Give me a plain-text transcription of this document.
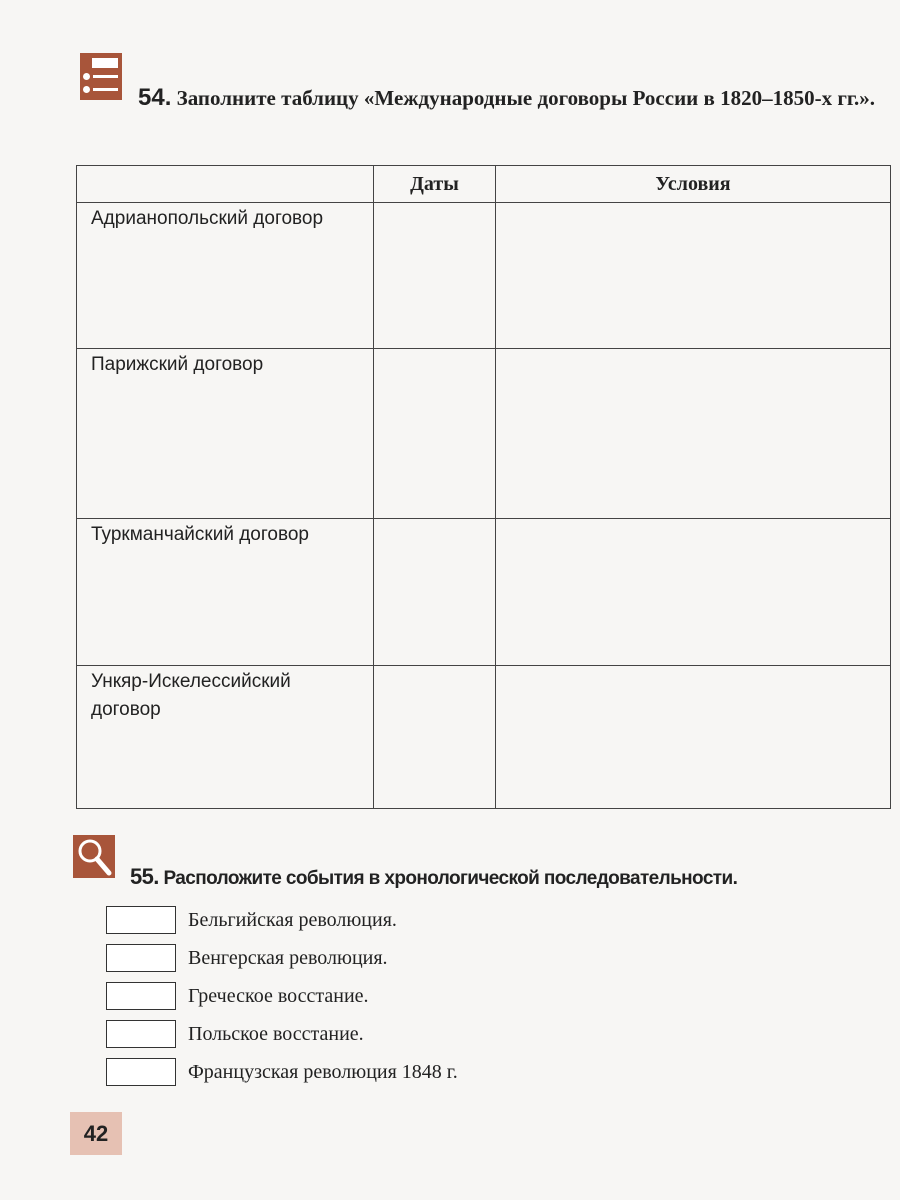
54. Заполните таблицу «Международные договоры России в 1820–1850-х гг.».
	Даты	Условия
Адрианопольский договор		
Парижский договор		
Туркманчайский договор		
Ункяр-Искелессийский договор		
55. Расположите события в хронологической последовательности.
Бельгийская революция.
Венгерская революция.
Греческое восстание.
Польское восстание.
Французская революция 1848 г.
42
